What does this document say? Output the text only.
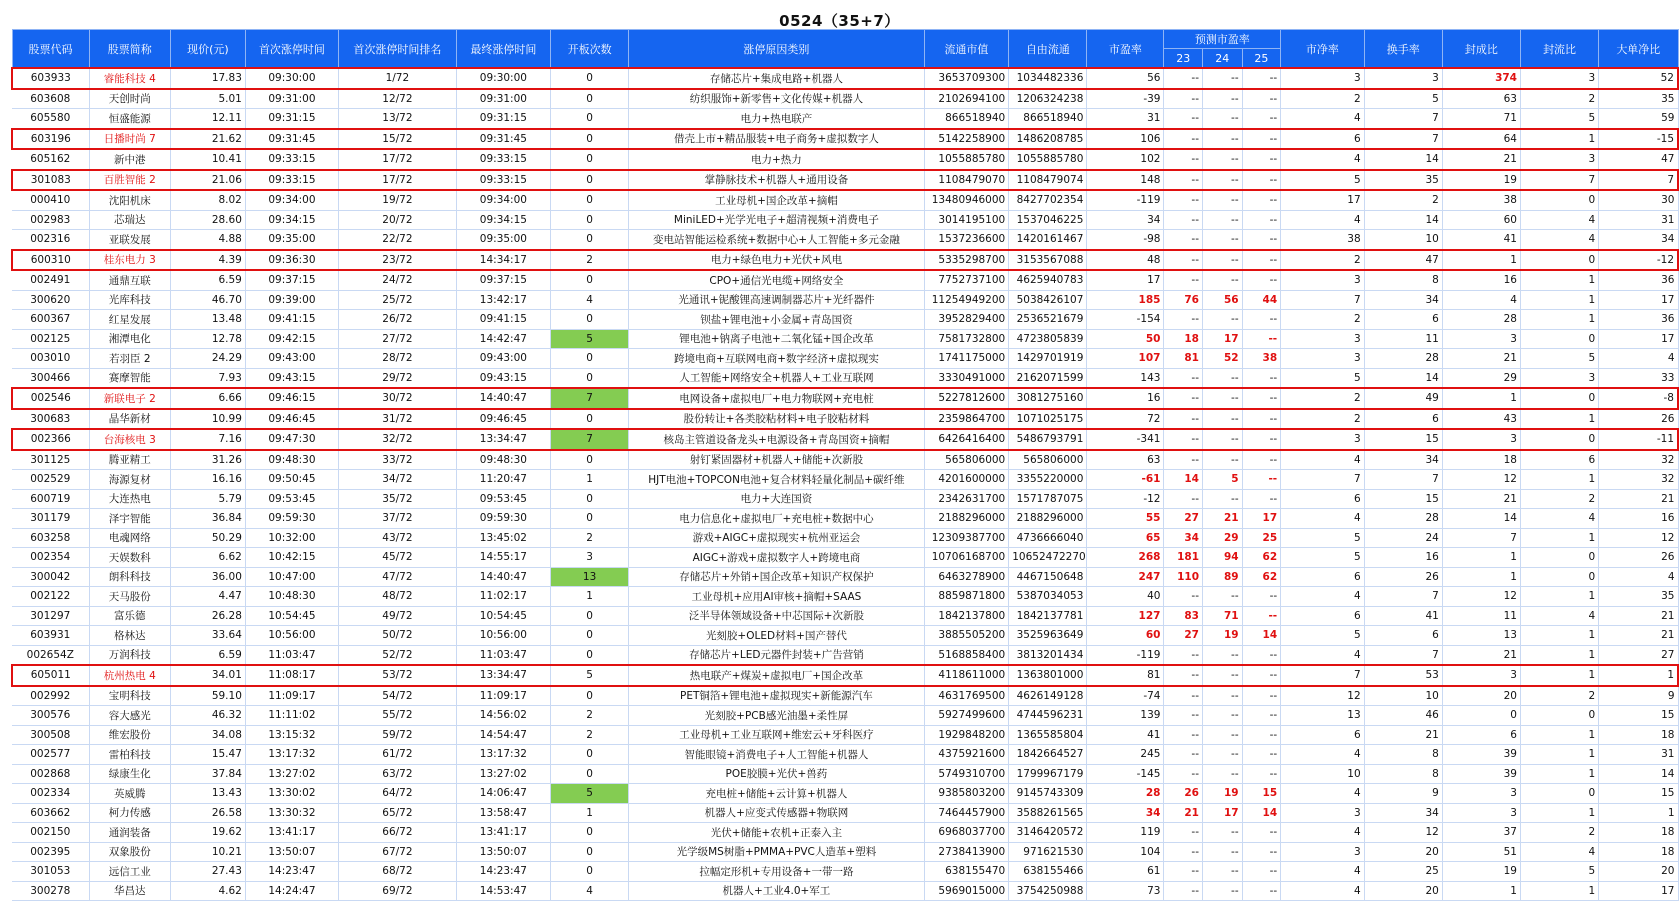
0524（35+7）
股票代码	股票简称	现价(元)	首次涨停时间	首次涨停时间排名	最终涨停时间	开板次数	涨停原因类别	流通市值	自由流通	市盈率	预测市盈率			市净率	换手率	封成比	封流比	大单净比
											23	24	25					
603933	睿能科技 4	17.83	09:30:00	1/72	09:30:00	0	存储芯片+集成电路+机器人	3653709300	1034482336	56	--	--	--	3	3	374	3	52
603608	天创时尚	5.01	09:31:00	12/72	09:31:00	0	纺织服饰+新零售+文化传媒+机器人	2102694100	1206324238	-39	--	--	--	2	5	63	2	35
605580	恒盛能源	12.11	09:31:15	13/72	09:31:15	0	电力+热电联产	866518940	866518940	31	--	--	--	4	7	71	5	59
603196	日播时尚 7	21.62	09:31:45	15/72	09:31:45	0	借壳上市+精品服装+电子商务+虚拟数字人	5142258900	1486208785	106	--	--	--	6	7	64	1	-15
605162	新中港	10.41	09:33:15	17/72	09:33:15	0	电力+热力	1055885780	1055885780	102	--	--	--	4	14	21	3	47
301083	百胜智能 2	21.06	09:33:15	17/72	09:33:15	0	掌静脉技术+机器人+通用设备	1108479070	1108479074	148	--	--	--	5	35	19	7	7
000410	沈阳机床	8.02	09:34:00	19/72	09:34:00	0	工业母机+国企改革+摘帽	13480946000	8427702354	-119	--	--	--	17	2	38	0	30
002983	芯瑞达	28.60	09:34:15	20/72	09:34:15	0	MiniLED+光学光电子+超清视频+消费电子	3014195100	1537046225	34	--	--	--	4	14	60	4	31
002316	亚联发展	4.88	09:35:00	22/72	09:35:00	0	变电站智能运检系统+数据中心+人工智能+多元金融	1537236600	1420161467	-98	--	--	--	38	10	41	4	34
600310	桂东电力 3	4.39	09:36:30	23/72	14:34:17	2	电力+绿色电力+光伏+风电	5335298700	3153567088	48	--	--	--	2	47	1	0	-12
002491	通鼎互联	6.59	09:37:15	24/72	09:37:15	0	CPO+通信光电缆+网络安全	7752737100	4625940783	17	--	--	--	3	8	16	1	36
300620	光库科技	46.70	09:39:00	25/72	13:42:17	4	光通讯+铌酸锂高速调制器芯片+光纤器件	11254949200	5038426107	185	76	56	44	7	34	4	1	17
600367	红星发展	13.48	09:41:15	26/72	09:41:15	0	钡盐+锂电池+小金属+青岛国资	3952829400	2536521679	-154	--	--	--	2	6	28	1	36
002125	湘潭电化	12.78	09:42:15	27/72	14:42:47	5	锂电池+钠离子电池+二氧化锰+国企改革	7581732800	4723805839	50	18	17	--	3	11	3	0	17
003010	若羽臣 2	24.29	09:43:00	28/72	09:43:00	0	跨境电商+互联网电商+数字经济+虚拟现实	1741175000	1429701919	107	81	52	38	3	28	21	5	4
300466	赛摩智能	7.93	09:43:15	29/72	09:43:15	0	人工智能+网络安全+机器人+工业互联网	3330491000	2162071599	143	--	--	--	5	14	29	3	33
002546	新联电子 2	6.66	09:46:15	30/72	14:40:47	7	电网设备+虚拟电厂+电力物联网+充电桩	5227812600	3081275160	16	--	--	--	2	49	1	0	-8
300683	晶华新材	10.99	09:46:45	31/72	09:46:45	0	股份转让+各类胶粘材料+电子胶粘材料	2359864700	1071025175	72	--	--	--	2	6	43	1	26
002366	台海核电 3	7.16	09:47:30	32/72	13:34:47	7	核岛主管道设备龙头+电源设备+青岛国资+摘帽	6426416400	5486793791	-341	--	--	--	3	15	3	0	-11
301125	腾亚精工	31.26	09:48:30	33/72	09:48:30	0	射钉紧固器材+机器人+储能+次新股	565806000	565806000	63	--	--	--	4	34	18	6	32
002529	海源复材	16.16	09:50:45	34/72	11:20:47	1	HJT电池+TOPCON电池+复合材料轻量化制品+碳纤维	4201600000	3355220000	-61	14	5	--	7	7	12	1	32
600719	大连热电	5.79	09:53:45	35/72	09:53:45	0	电力+大连国资	2342631700	1571787075	-12	--	--	--	6	15	21	2	21
301179	泽宇智能	36.84	09:59:30	37/72	09:59:30	0	电力信息化+虚拟电厂+充电桩+数据中心	2188296000	2188296000	55	27	21	17	4	28	14	4	16
603258	电魂网络	50.29	10:32:00	43/72	13:45:02	2	游戏+AIGC+虚拟现实+杭州亚运会	12309387700	4736666040	65	34	29	25	5	24	7	1	12
002354	天娱数科	6.62	10:42:15	45/72	14:55:17	3	AIGC+游戏+虚拟数字人+跨境电商	10706168700	10652472270	268	181	94	62	5	16	1	0	26
300042	朗科科技	36.00	10:47:00	47/72	14:40:47	13	存储芯片+外销+国企改革+知识产权保护	6463278900	4467150648	247	110	89	62	6	26	1	0	4
002122	天马股份	4.47	10:48:30	48/72	11:02:17	1	工业母机+应用AI审核+摘帽+SAAS	8859871800	5387034053	40	--	--	--	4	7	12	1	35
301297	富乐德	26.28	10:54:45	49/72	10:54:45	0	泛半导体领域设备+中芯国际+次新股	1842137800	1842137781	127	83	71	--	6	41	11	4	21
603931	格林达	33.64	10:56:00	50/72	10:56:00	0	光刻胶+OLED材料+国产替代	3885505200	3525963649	60	27	19	14	5	6	13	1	21
002654Z	万润科技	6.59	11:03:47	52/72	11:03:47	0	存储芯片+LED元器件封装+广告营销	5168858400	3813201434	-119	--	--	--	4	7	21	1	27
605011	杭州热电 4	34.01	11:08:17	53/72	13:34:47	5	热电联产+煤炭+虚拟电厂+国企改革	4118611000	1363801000	81	--	--	--	7	53	3	1	1
002992	宝明科技	59.10	11:09:17	54/72	11:09:17	0	PET铜箔+锂电池+虚拟现实+新能源汽车	4631769500	4626149128	-74	--	--	--	12	10	20	2	9
300576	容大感光	46.32	11:11:02	55/72	14:56:02	2	光刻胶+PCB感光油墨+柔性屏	5927499600	4744596231	139	--	--	--	13	46	0	0	15
300508	维宏股份	34.08	13:15:32	59/72	14:54:47	2	工业母机+工业互联网+维宏云+牙科医疗	1929848200	1365585804	41	--	--	--	6	21	6	1	18
002577	雷柏科技	15.47	13:17:32	61/72	13:17:32	0	智能眼镜+消费电子+人工智能+机器人	4375921600	1842664527	245	--	--	--	4	8	39	1	31
002868	绿康生化	37.84	13:27:02	63/72	13:27:02	0	POE胶膜+光伏+兽药	5749310700	1799967179	-145	--	--	--	10	8	39	1	14
002334	英威腾	13.43	13:30:02	64/72	14:06:47	5	充电桩+储能+云计算+机器人	9385803200	9145743309	28	26	19	15	4	9	3	0	15
603662	柯力传感	26.58	13:30:32	65/72	13:58:47	1	机器人+应变式传感器+物联网	7464457900	3588261565	34	21	17	14	3	34	3	1	1
002150	通润装备	19.62	13:41:17	66/72	13:41:17	0	光伏+储能+农机+正泰入主	6968037700	3146420572	119	--	--	--	4	12	37	2	18
002395	双象股份	10.21	13:50:07	67/72	13:50:07	0	光学级MS树脂+PMMA+PVC人造革+塑料	2738413900	971621530	104	--	--	--	3	20	51	4	18
301053	远信工业	27.43	14:23:47	68/72	14:23:47	0	拉幅定形机+专用设备+一带一路	638155470	638155466	61	--	--	--	4	25	19	5	20
300278	华昌达	4.62	14:24:47	69/72	14:53:47	4	机器人+工业4.0+军工	5969015000	3754250988	73	--	--	--	4	20	1	1	17
